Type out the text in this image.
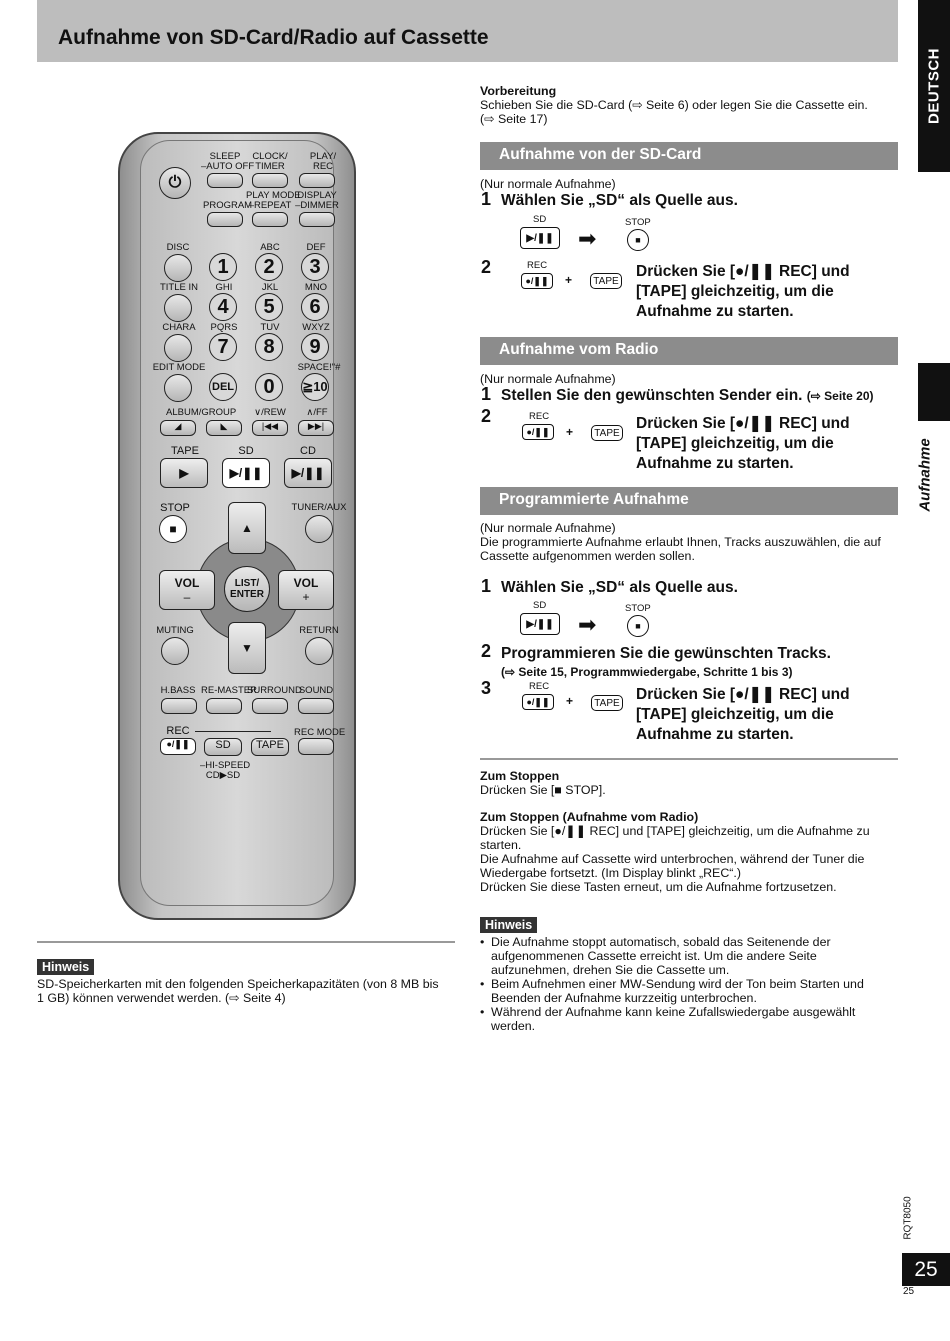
Aufnahme von SD-Card/Radio auf Cassette
DEUTSCH
Aufnahme
⏻
SLEEP
–AUTO OFF
CLOCK/
TIMER
PLAY/
REC
PROGRAM
PLAY MODE
–REPEAT
DISPLAY
–DIMMER
DISC	ABC	DEF
1	2	3
TITLE IN	GHI	JKL	MNO
4	5	6
CHARA	PQRS	TUV	WXYZ
7	8	9
EDIT MODE	SPACE!"#
DEL	0	≧10
ALBUM/GROUP	∨/REW	∧/FF
◢	◣	|◀◀	▶▶|
TAPE	SD	CD
▶	▶/❚❚	▶/❚❚
STOP	TUNER/AUX
■	▲
▼
VOL
–
VOL
+
LIST/
ENTER
MUTING	RETURN
H.BASS RE-MASTER
SURROUND
SOUND
REC	REC MODE
●/❚❚	SD	TAPE
–HI-SPEED
CD▶SD
Vorbereitung
Schieben Sie die SD-Card (⇨ Seite 6) oder legen Sie die Cassette ein.
(⇨ Seite 17)
Aufnahme von der SD-Card
(Nur normale Aufnahme)
1 Wählen Sie „SD“ als Quelle aus.
SD
▶/❚❚ ➡
STOP
■
2	REC
●/❚❚	+	TAPE
Drücken Sie [●/❚❚ REC] und
[TAPE] gleichzeitig, um die
Aufnahme zu starten.
Aufnahme vom Radio
(Nur normale Aufnahme)
1 Stellen Sie den gewünschten Sender ein. (⇨ Seite 20)
2	REC
●/❚❚	+	TAPE
Drücken Sie [●/❚❚ REC] und
[TAPE] gleichzeitig, um die
Aufnahme zu starten.
Programmierte Aufnahme
(Nur normale Aufnahme)
Die programmierte Aufnahme erlaubt Ihnen, Tracks auszuwählen, die auf
Cassette aufgenommen werden sollen.
1 Wählen Sie „SD“ als Quelle aus.
SD
▶/❚❚ ➡
STOP
■
2 Programmieren Sie die gewünschten Tracks.
(⇨ Seite 15, Programmwiedergabe, Schritte 1 bis 3)
3	REC
●/❚❚	+	TAPE Drücken Sie [●/❚❚ REC] und
[TAPE] gleichzeitig, um die
Aufnahme zu starten.
Zum Stoppen
Drücken Sie [■ STOP].
Zum Stoppen (Aufnahme vom Radio)
Drücken Sie [●/❚❚ REC] und [TAPE] gleichzeitig, um die Aufnahme zu
starten.
Die Aufnahme auf Cassette wird unterbrochen, während der Tuner die
Wiedergabe fortsetzt. (Im Display blinkt „REC“.)
Drücken Sie diese Tasten erneut, um die Aufnahme fortzusetzen.
Hinweis
• Die Aufnahme stoppt automatisch, sobald das Seitenende der
aufgenommenen Cassette erreicht ist. Um die andere Seite
aufzunehmen, drehen Sie die Cassette um.
• Beim Aufnehmen einer MW-Sendung wird der Ton beim Starten und
Beenden der Aufnahme kurzzeitig unterbrochen.
• Während der Aufnahme kann keine Zufallswiedergabe ausgewählt
werden.
Hinweis
SD-Speicherkarten mit den folgenden Speicherkapazitäten (von 8 MB bis
1 GB) können verwendet werden. (⇨ Seite 4)
RQT8050
25
25
